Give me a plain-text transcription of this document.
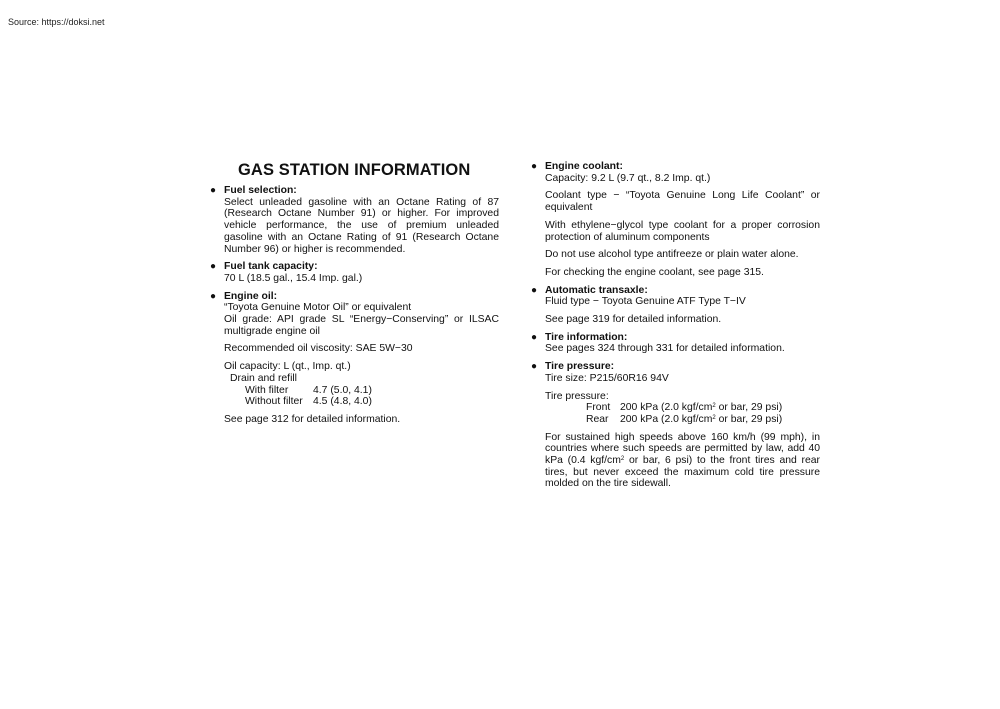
Source: https://doksi.net
GAS STATION INFORMATION
● Fuel selection:
Select unleaded gasoline with an Octane Rating of 87 (Research Octane Number 91) or higher. For improved vehicle performance, the use of premium unleaded gasoline with an Octane Rating of 91 (Research Octane Number 96) or higher is recommended.
● Fuel tank capacity:
70 L (18.5 gal., 15.4 Imp. gal.)
● Engine oil:
“Toyota Genuine Motor Oil” or equivalent
Oil grade: API grade SL “Energy−Conserving” or ILSAC multigrade engine oil
Recommended oil viscosity: SAE 5W−30
Oil capacity: L (qt., Imp. qt.)
Drain and refill
With filter	4.7 (5.0, 4.1)
Without filter 4.5 (4.8, 4.0)
See page 312 for detailed information.
● Engine coolant:
Capacity: 9.2 L (9.7 qt., 8.2 Imp. qt.)
Coolant type − “Toyota Genuine Long Life Coolant” or equivalent
With ethylene−glycol type coolant for a proper corrosion protection of aluminum components
Do not use alcohol type antifreeze or plain water alone.
For checking the engine coolant, see page 315.
● Automatic transaxle:
Fluid type − Toyota Genuine ATF Type T−IV
See page 319 for detailed information.
● Tire information:
See pages 324 through 331 for detailed information.
● Tire pressure:
Tire size: P215/60R16 94V
Tire pressure:
Front 200 kPa (2.0 kgf/$cm^2$ or bar, 29 psi)
Rear	200 kPa (2.0 kgf/$cm^2$ or bar, 29 psi)
For sustained high speeds above 160 km/h (99 mph), in countries where such speeds are permitted by law, add 40 kPa (0.4 kgf/$cm^2$ or bar, 6 psi) to the front tires and rear tires, but never exceed the maximum cold tire pressure molded on the tire sidewall.
